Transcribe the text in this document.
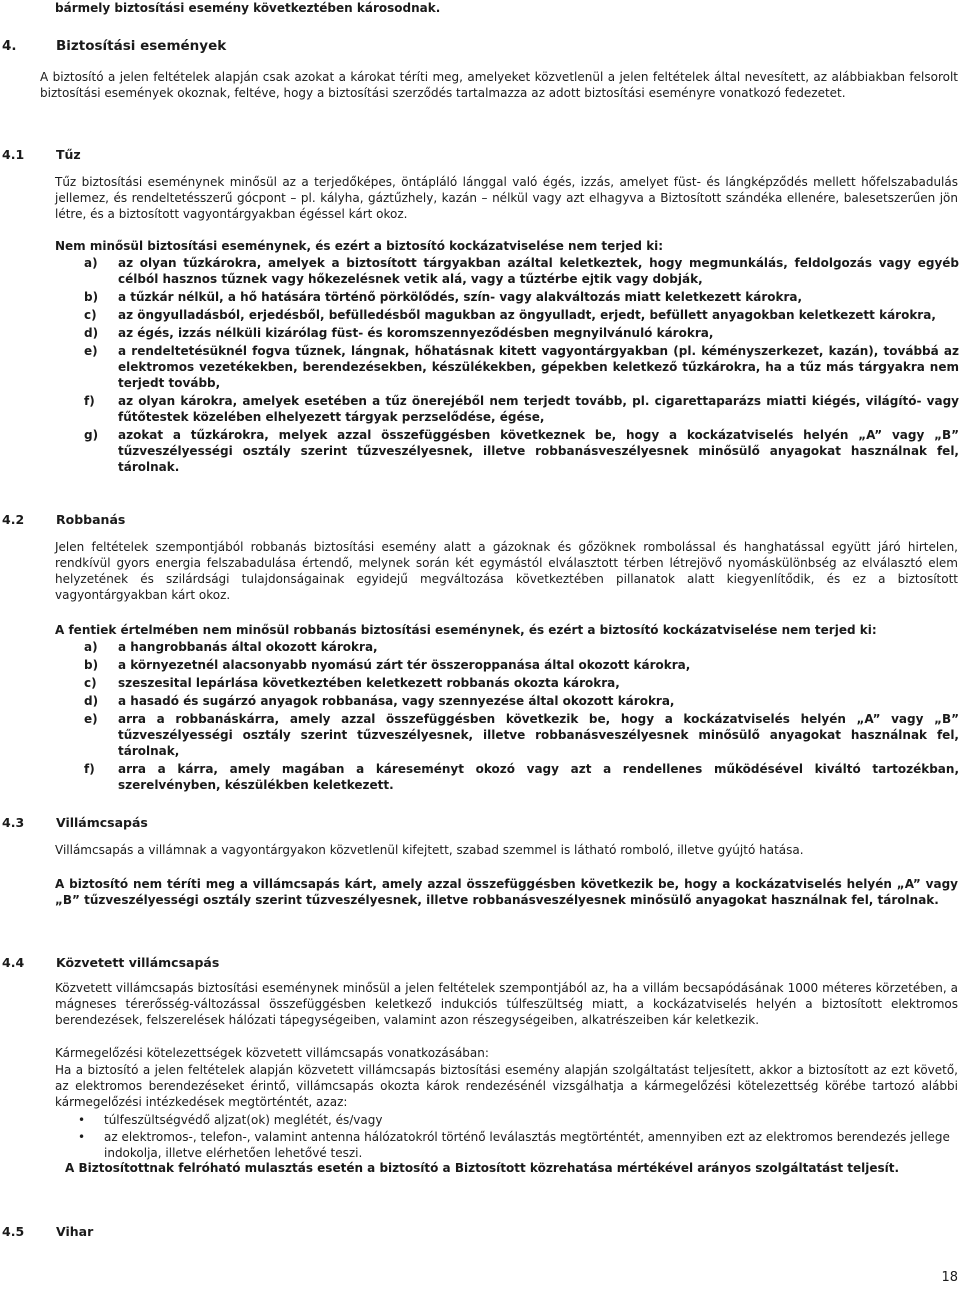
bármely biztosítási esemény következtében károsodnak.
4.	Biztosítási események

A biztosító a jelen feltételek alapján csak azokat a károkat téríti meg, amelyeket közvetlenül a jelen feltételek által nevesített, az alábbiakban felsorolt biztosítási események okoznak, feltéve, hogy a biztosítási szerződés tartalmazza az adott biztosítási eseményre vonatkozó fedezetet.

4.1	Tűz

Tűz biztosítási eseménynek minősül az a terjedőképes, öntápláló lánggal való égés, izzás, amelyet füst- és lángképződés mellett hőfelszabadulás jellemez, és rendeltetésszerű gócpont – pl. kályha, gáztűzhely, kazán – nélkül vagy azt elhagyva a Biztosított szándéka ellenére, balesetszerűen jön létre, és a biztosított vagyontárgyakban égéssel kárt okoz.

Nem minősül biztosítási eseménynek, és ezért a biztosító kockázatviselése nem terjed ki:

a)	az olyan tűzkárokra, amelyek a biztosított tárgyakban azáltal keletkeztek, hogy megmunkálás, feldolgozás vagy egyéb célból hasznos tűznek vagy hőkezelésnek vetik alá, vagy a tűztérbe ejtik vagy dobják,
b)	a tűzkár nélkül, a hő hatására történő pörkölődés, szín- vagy alakváltozás miatt keletkezett károkra,
c)	az öngyulladásból, erjedésből, befülledésből magukban az öngyulladt, erjedt, befüllett anyagokban keletkezett károkra,
d)	az égés, izzás nélküli kizárólag füst- és koromszennyeződésben megnyilvánuló károkra,
e)	a rendeltetésüknél fogva tűznek, lángnak, hőhatásnak kitett vagyontárgyakban (pl. kéményszerkezet, kazán), továbbá az elektromos vezetékekben, berendezésekben, készülékekben, gépekben keletkező tűzkárokra, ha a tűz más tárgyakra nem terjedt tovább,
f)	az olyan károkra, amelyek esetében a tűz önerejéből nem terjedt tovább, pl. cigarettaparázs miatti kiégés, világító- vagy fűtőtestek közelében elhelyezett tárgyak perzselődése, égése,
g)	azokat a tűzkárokra, melyek azzal összefüggésben következnek be, hogy a kockázatviselés helyén „A” vagy „B” tűzveszélyességi osztály szerint tűzveszélyesnek, illetve robbanásveszélyesnek minősülő anyagokat használnak fel, tárolnak.
4.2	Robbanás

Jelen feltételek szempontjából robbanás biztosítási esemény alatt a gázoknak és gőzöknek rombolással és hanghatással együtt járó hirtelen, rendkívül gyors energia felszabadulása értendő, melynek során két egymástól elválasztott térben létrejövő nyomáskülönbség az elválasztó elem helyzetének és szilárdsági tulajdonságainak egyidejű megváltozása következtében pillanatok alatt kiegyenlítődik, és ez a biztosított vagyontárgyakban kárt okoz.

A fentiek értelmében nem minősül robbanás biztosítási eseménynek, és ezért a biztosító kockázatviselése nem terjed ki:

a)	a hangrobbanás által okozott károkra,
b)	a környezetnél alacsonyabb nyomású zárt tér összeroppanása által okozott károkra,
c)	szeszesital lepárlása következtében keletkezett robbanás okozta károkra,
d)	a hasadó és sugárzó anyagok robbanása, vagy szennyezése által okozott károkra,
e)	arra a robbanáskárra, amely azzal összefüggésben következik be, hogy a kockázatviselés helyén „A” vagy „B” tűzveszélyességi osztály szerint tűzveszélyesnek, illetve robbanásveszélyesnek minősülő anyagokat használnak fel, tárolnak,
f)	arra a kárra, amely magában a káreseményt okozó vagy azt a rendellenes működésével kiváltó tartozékban, szerelvényben, készülékben keletkezett.
4.3	Villámcsapás

Villámcsapás a villámnak a vagyontárgyakon közvetlenül kifejtett, szabad szemmel is látható romboló, illetve gyújtó hatása.

A biztosító nem téríti meg a villámcsapás kárt, amely azzal összefüggésben következik be, hogy a kockázatviselés helyén „A” vagy „B” tűzveszélyességi osztály szerint tűzveszélyesnek, illetve robbanásveszélyesnek minősülő anyagokat használnak fel, tárolnak.

4.4	Közvetett villámcsapás

Közvetett villámcsapás biztosítási eseménynek minősül a jelen feltételek szempontjából az, ha a villám becsapódásának 1000 méteres körzetében, a mágneses térerősség-változással összefüggésben keletkező indukciós túlfeszültség miatt, a kockázatviselés helyén a biztosított elektromos berendezések, felszerelések hálózati tápegységeiben, valamint azon részegységeiben, alkatrészeiben kár keletkezik.

Kármegelőzési kötelezettségek közvetett villámcsapás vonatkozásában:

Ha a biztosító a jelen feltételek alapján közvetett villámcsapás biztosítási esemény alapján szolgáltatást teljesített, akkor a biztosított az ezt követő, az elektromos berendezéseket érintő, villámcsapás okozta károk rendezésénél vizsgálhatja a kármegelőzési kötelezettség körébe tartozó alábbi kármegelőzési intézkedések megtörténtét, azaz:

•	túlfeszültségvédő aljzat(ok) meglétét, és/vagy
•	az elektromos-, telefon-, valamint antenna hálózatokról történő leválasztás megtörténtét, amennyiben ezt az elektromos berendezés jellege indokolja, illetve elérhetően lehetővé teszi.

A Biztosítottnak felróható mulasztás esetén a biztosító a Biztosított közrehatása mértékével arányos szolgáltatást teljesít.

4.5	Vihar
18
